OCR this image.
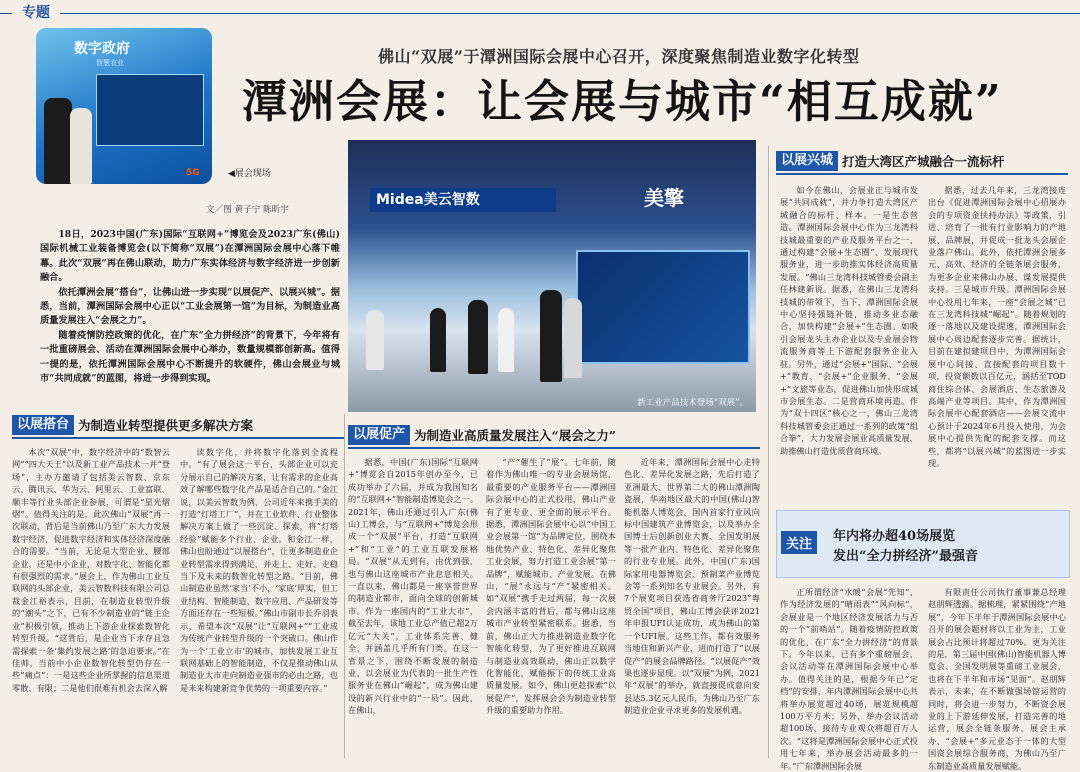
专题
数字政府
智慧农业
5G	◀展会现场
佛山“双展”于潭洲国际会展中心召开，深度聚焦制造业数字化转型
潭洲会展：让会展与城市“相互成就”
文／图 黄子宁 陈昕宇

18日，2023中国(广东)国际“互联网+”博览会及2023广东(佛山)国际机械工业装备博览会(以下简称“双展”)在潭洲国际会展中心落下帷幕。此次“双展”再在佛山联动，助力广东实体经济与数字经济进一步创新融合。

依托潭洲会展“搭台”，让佛山进一步实现“以展促产、以展兴城”。据悉，当前，潭洲国际会展中心正以“工业会展第一馆”为目标，为制造业高质量发展注入“会展之力”。

随着疫情防控政策的优化，在广东“全力拼经济”的背景下，今年将有一批重磅展会、活动在潭洲国际会展中心举办，数量规模都创新高。值得一提的是，依托潭洲国际会展中心不断提升的软硬件，佛山会展业与城市“共同成就”的蓝图，将进一步得到实现。

Midea美云智数	美擎
新工业产品技术登场“双展”。
以展兴城 打造大湾区产城融合一流标杆

如今在佛山，会展业正与城市发展“共同成就”，并力争打造大湾区产城融合的标杆、样本。一是生态营造。潭洲国际会展中心作为三龙湾科技城最重要的产业及服务平台之一，通过构建“会展+生态圈”、发展现代服务业，进一步助推实体经济高质量发展。“佛山三龙湾科技城管委会副主任林建新说。据悉，在佛山三龙湾科技城的带领下，当下，潭洲国际会展中心坚持强链补链，推动多业态融合，加快构建“会展+”生态圈。如吸引会展龙头主办企业以及专业展会物流服务商等上下游配套服务企业入驻。另外，通过“会展+”国际、“会展+”教育、“会展+”企业服务、“会展+”文旅等业态，促进佛山加快形成城市会展生态。二是营商环境再造。作为“双十四区”核心之一，佛山三龙湾科技城管委会正通过一系列的政策“组合拳”，大力发展会展业高质量发展，助推佛山打造优质营商环境。

据悉，过去几年来，三龙湾接连出台《促进潭洲国际会展中心招展办会的专项资金扶持办法》等政策，引进、培育了一批有行业影响力的产地展、品牌展，并促成一批龙头会展企业落户佛山。此外，依托潭洲会展多元、高效、经济的全链条展会服务，为更多企业来佛山办展、谋发展提供支持。三是城市升级。潭洲国际会展中心投用七年来，一座“会展之城”已在三龙湾科技城“崛起”。随着规划的逐一落地以及建设提速，潭洲国际会展中心周边配套逐步完善。据统计，目前在建拟建项目中，为潭洲国际会展中心间接、直接配套的项目数十项，投资额数以百亿元，涵括至TOD商住综合体、会展酒店、生态旅游及高端产业等项目。其中，作为潭洲国际会展中心配套酒店——会展交流中心预计于2024年6月投入使用，为会展中心提供先配的配套支撑。而这些，都将“以展兴城”的蓝图进一步实现。

以展搭台 为制造业转型提供更多解决方案

本次“双展”中，数字经济中的“数智云网”“四大天王”以及新工业产品技术一并“登场”，主办方邀请了包括美云智数、京东云、腾讯云、华为云、阿里云、工业富联、顺丰等行业头部企业参展，可谓是“星光熠熠”。值得关注的是，此次佛山“双展”再一次联动，背后是当前佛山乃至广东大力发展数字经济，促进数字经济和实体经济深度融合的需要。“当前，无论是大型企业、腰部企业，还是中小企业，对数字化、智能化都有很强烈的需求。”展会上，作为佛山工业互联网的头部企业，美云智数科技有限公司总裁金江裕表示，目前，在制造业转型升级的“潮头”之下，已有不少制造业的“链主企业”积极引领，推动上下游企业探索数智化转型升级。“这背后，是企业当下求存且急需探索一条‘集约发展之路’的急迫要求。”在佳帅，当前中小企业数智化转型仍存在一些“痛点”：一是这些企业所掌握的信息渠道零散、有限；二是他们很难有机会去深入解

读数字化，并将数字化落到全流程中。“有了展会这一平台，头部企业可以充分展示自己的解决方案，让有需求的企业高效了解哪些数字化产品是适合自己的。”金江说，以美云智数为例，公司近年来携手美的打造“灯塔工厂”，并在工业软件、行业整体解决方案上做了一些沉淀、探索，将“灯塔经验”赋能多个行业、企业。和金江一样，佛山也盼通过“以展搭台”，让更多制造业企业转型需求得到满足，并走上、走好、走稳当下及未来的数智化转型之路。“目前，佛山制造业虽然‘家当’不小，‘家底’厚实，但工业结构、智能制造、数字应用、产品研发等方面还存在一些短板。”佛山市副市长乔羽表示，希望本次“双展”让“互联网+”“工业成为传统产业转型升级的一个突破口。佛山作为一个‘工业立市’的城市，加快发展工业互联网基础上的智能制造，不仅是推动佛山从制造业大市走向制造业强市的必由之路，也是未来构建新竞争优势的一项重要内容。”

以展促产 为制造业高质量发展注入“展会之力”

据悉，中国(广东)国际“互联网+”博览会自2015年创办至今，已成功举办了六届，并成为我国知名的“互联网+”智能制造博览会之一。2021年，佛山还通过引入广东(佛山)工博会，与“互联网+”博览会形成一个“双展”平台，打造“互联网+”和“工业”的工业互联发展格局。“双展”从无到有，由优到强，也与佛山这座城市产业息息相关。一直以来，佛山都是一座享誉世界的制造业都市，面向全球的创新城市。作为一座国内的“工业大市”，截至去年，该地工业总产值已超2万亿元“大关”，工业体系完善、健全，并涵盖几乎所有门类。在这一背景之下，围绕不断发展的制造业，以会展业为代表的一批生产性服务业在佛山“崛起”，成为佛山建设的新兴行业中的“一员”。因此，在佛山，

“产”催生了“展”。七年前，随着作为佛山唯一的专业会展场馆、最重要的产业服务平台——潭洲国际会展中心的正式投用，佛山产业有了更专业、更全面的展示平台。据悉，潭洲国际会展中心以“中国工业会展第一馆”为品牌定位，围绕本地优势产业、特色化、差异化聚焦工业会展，努力打造工业会展“第一品牌”，赋能城市、产业发展。在佛山，“展”永远与“产”紧密相关。如“双展”携手走过两届，每一次展会内涵丰富的背后，都与佛山这座城市产业转型紧密联系。据悉，当前，佛山正大力推进制造业数字化智能化转型，为了更好推进互联网与制造业高效联动，佛山正以数字化智能化，赋能振下的传统工业高质量发展。如今，佛山更趁探索“以展促产”，发挥展会会为制造业转型升级的重要助力作用。

近年来，潭洲国际会展中心走特色化、差异化发展之路，先后打造了亚洲最大、世界第二大的佛山潭洲陶瓷展，华南地区最大的中国(佛山)智能机器人博览会，国内首家行业风向标中国建筑产业博览会，以及举办全国博士后创新创业大赛、全国发明展等一批产业内、特色化、差异化聚焦的行业专业展。此外，中国(广东)国际家用电器博览会、预制菜产业博览会等一系列知名专业展会。另外，有7个展览项目获选省商务厅2023“粤贸全国”项目，佛山工博会获评2021年申报UFI认证成功，成为佛山的第一个UFI展。这些工作，都有效服务当地佳和新兴产业，进而打造了“以展促产”的展会品牌路径。“以展促产”效果也逐步显现。以“双展”为例，2021年“双展”的举办，就直接促成意向安县达5.3亿元人民币，为佛山乃至广东制造业企业寻求更多的发展机遇。

关注
年内将办超40场展览
发出“全力拼经济”最强音

正所谓经济“水暖”会展“先知”，作为经济发展的“晴雨表”“风向标”，会展业是一个地区经济发展活力与否的一个“前哨站”。随着疫情防控政策的优化，在广东“全力拼经济”的背景下，今年以来，已有多个重磅展会，会议活动等在潭洲国际会展中心举办。值得关注的是，根据今年已“定档”的安排，年内潭洲国际会展中心共将举办展览超过40场，展览规模超100万平方米；另外，举办会议活动超100场，接待专业观众将超百万人次。“这将是潭洲国际会展中心正式投用七年来，举办展会活动最多的一年。”广东潭洲国际会展

有限责任公司执行董事兼总经理赵朋辉透露。据梳理，紧紧围绕“产地展”，今年下半年于潭洲国际会展中心召开的展会题材将以工业为主，工业展会占比预计将超过70%。更为关注的是，第三届中国(佛山)智能机器人博览会、全国发明展等重磅工业展会，也将在下半年和市场“见面”。赵朋辉表示，未来，在不断做强场馆运营的同时，将会进一步努力，不断资会展业的上下游延伸发展，打造完善的地运营，展会全链条服务，展会主承办、“会展+”多元业态于一体的大型国资会展综合服务商，为佛山乃至广东制造业高质量发展赋能。
